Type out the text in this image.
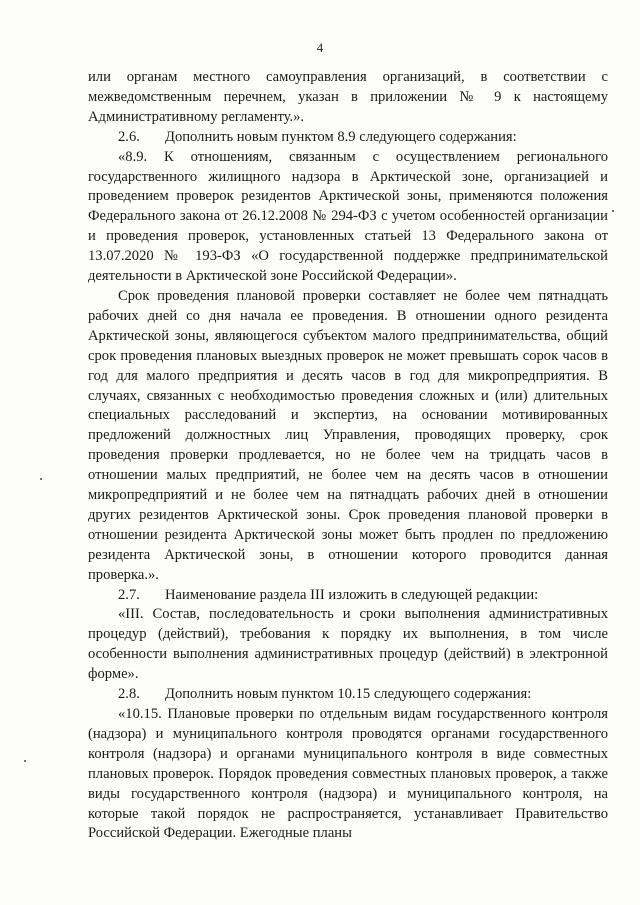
4

или органам местного самоуправления организаций, в соответствии с межведомственным перечнем, указан в приложении № 9 к настоящему Административному регламенту.».

2.6. Дополнить новым пунктом 8.9 следующего содержания:

«8.9. К отношениям, связанным с осуществлением регионального государственного жилищного надзора в Арктической зоне, организацией и проведением проверок резидентов Арктической зоны, применяются положения Федерального закона от 26.12.2008 № 294-ФЗ с учетом особенностей организации и проведения проверок, установленных статьей 13 Федерального закона от 13.07.2020 № 193-ФЗ «О государственной поддержке предпринимательской деятельности в Арктической зоне Российской Федерации».

Срок проведения плановой проверки составляет не более чем пятнадцать рабочих дней со дня начала ее проведения. В отношении одного резидента Арктической зоны, являющегося субъектом малого предпринимательства, общий срок проведения плановых выездных проверок не может превышать сорок часов в год для малого предприятия и десять часов в год для микропредприятия. В случаях, связанных с необходимостью проведения сложных и (или) длительных специальных расследований и экспертиз, на основании мотивированных предложений должностных лиц Управления, проводящих проверку, срок проведения проверки продлевается, но не более чем на тридцать часов в отношении малых предприятий, не более чем на десять часов в отношении микропредприятий и не более чем на пятнадцать рабочих дней в отношении других резидентов Арктической зоны. Срок проведения плановой проверки в отношении резидента Арктической зоны может быть продлен по предложению резидента Арктической зоны, в отношении которого проводится данная проверка.».

2.7. Наименование раздела III изложить в следующей редакции:

«III. Состав, последовательность и сроки выполнения административных процедур (действий), требования к порядку их выполнения, в том числе особенности выполнения административных процедур (действий) в электронной форме».

2.8. Дополнить новым пунктом 10.15 следующего содержания:

«10.15. Плановые проверки по отдельным видам государственного контроля (надзора) и муниципального контроля проводятся органами государственного контроля (надзора) и органами муниципального контроля в виде совместных плановых проверок. Порядок проведения совместных плановых проверок, а также виды государственного контроля (надзора) и муниципального контроля, на которые такой порядок не распространяется, устанавливает Правительство Российской Федерации. Ежегодные планы
